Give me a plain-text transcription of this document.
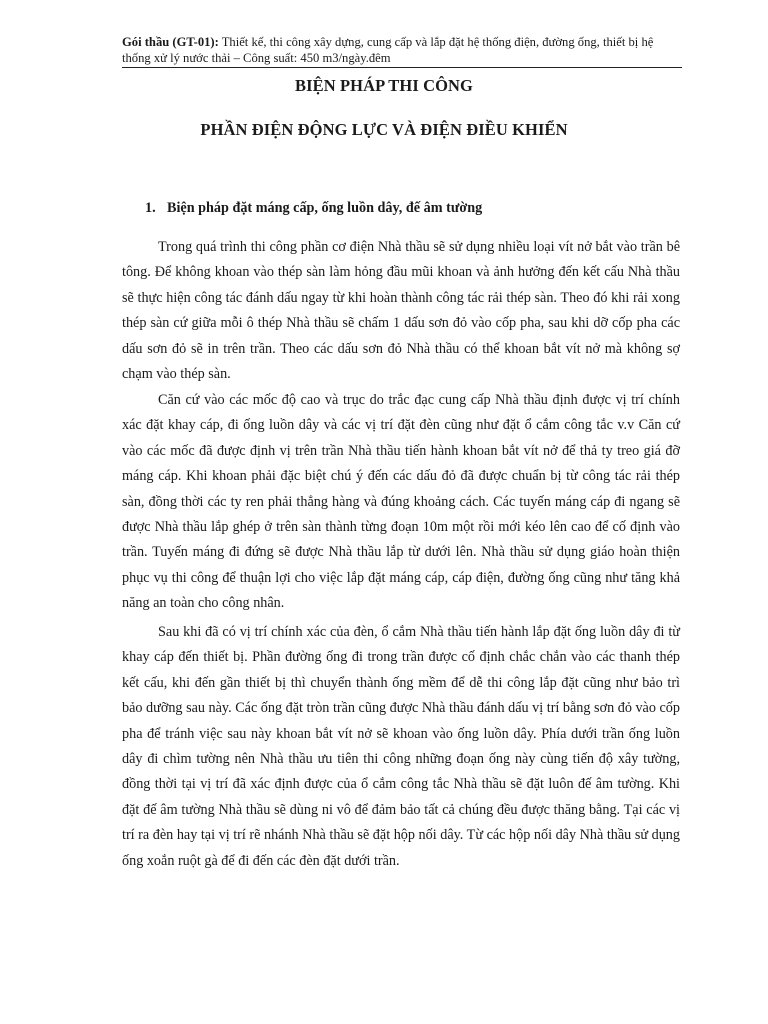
Gói thầu (GT-01): Thiết kế, thi công xây dựng, cung cấp và lắp đặt hệ thống điện, đường ống, thiết bị hệ thống xử lý nước thải – Công suất: 450 m3/ngày.đêm
BIỆN PHÁP THI CÔNG
PHẦN ĐIỆN ĐỘNG LỰC VÀ ĐIỆN ĐIỀU KHIỂN
1. Biện pháp đặt máng cấp, ống luồn dây, đế âm tường

Trong quá trình thi công phần cơ điện Nhà thầu sẽ sử dụng nhiều loại vít nở bắt vào trần bê tông. Để không khoan vào thép sàn làm hỏng đầu mũi khoan và ảnh hưởng đến kết cấu Nhà thầu sẽ thực hiện công tác đánh dấu ngay từ khi hoàn thành công tác rải thép sàn. Theo đó khi rải xong thép sàn cứ giữa mỗi ô thép Nhà thầu sẽ chấm 1 dấu sơn đỏ vào cốp pha, sau khi dỡ cốp pha các dấu sơn đỏ sẽ in trên trần. Theo các dấu sơn đỏ Nhà thầu có thể khoan bắt vít nở mà không sợ chạm vào thép sàn.

Căn cứ vào các mốc độ cao và trục do trắc đạc cung cấp Nhà thầu định được vị trí chính xác đặt khay cáp, đi ống luồn dây và các vị trí đặt đèn cũng như đặt ổ cắm công tắc v.v Căn cứ vào các mốc đã được định vị trên trần Nhà thầu tiến hành khoan bắt vít nở để thả ty treo giá đỡ máng cáp. Khi khoan phải đặc biệt chú ý đến các dấu đỏ đã được chuẩn bị từ công tác rải thép sàn, đồng thời các ty ren phải thẳng hàng và đúng khoảng cách. Các tuyến máng cáp đi ngang sẽ được Nhà thầu lắp ghép ở trên sàn thành từng đoạn 10m một rồi mới kéo lên cao để cố định vào trần. Tuyến máng đi đứng sẽ được Nhà thầu lắp từ dưới lên. Nhà thầu sử dụng giáo hoàn thiện phục vụ thi công để thuận lợi cho việc lắp đặt máng cáp, cáp điện, đường ống cũng như tăng khả năng an toàn cho công nhân.

Sau khi đã có vị trí chính xác của đèn, ổ cắm Nhà thầu tiến hành lắp đặt ống luồn dây đi từ khay cáp đến thiết bị. Phần đường ống đi trong trần được cố định chắc chắn vào các thanh thép kết cấu, khi đến gần thiết bị thì chuyển thành ống mềm để dễ thi công lắp đặt cũng như bảo trì bảo dưỡng sau này. Các ống đặt tròn trần cũng được Nhà thầu đánh dấu vị trí bằng sơn đỏ vào cốp pha để tránh việc sau này khoan bắt vít nở sẽ khoan vào ống luồn dây. Phía dưới trần ống luồn dây đi chìm tường nên Nhà thầu ưu tiên thi công những đoạn ống này cùng tiến độ xây tường, đồng thời tại vị trí đã xác định được của ổ cắm công tắc Nhà thầu sẽ đặt luôn đế âm tường. Khi đặt đế âm tường Nhà thầu sẽ dùng ni vô để đảm bảo tất cả chúng đều được thăng bằng. Tại các vị trí ra đèn hay tại vị trí rẽ nhánh Nhà thầu sẽ đặt hộp nối dây. Từ các hộp nối dây Nhà thầu sử dụng ống xoắn ruột gà để đi đến các đèn đặt dưới trần.
